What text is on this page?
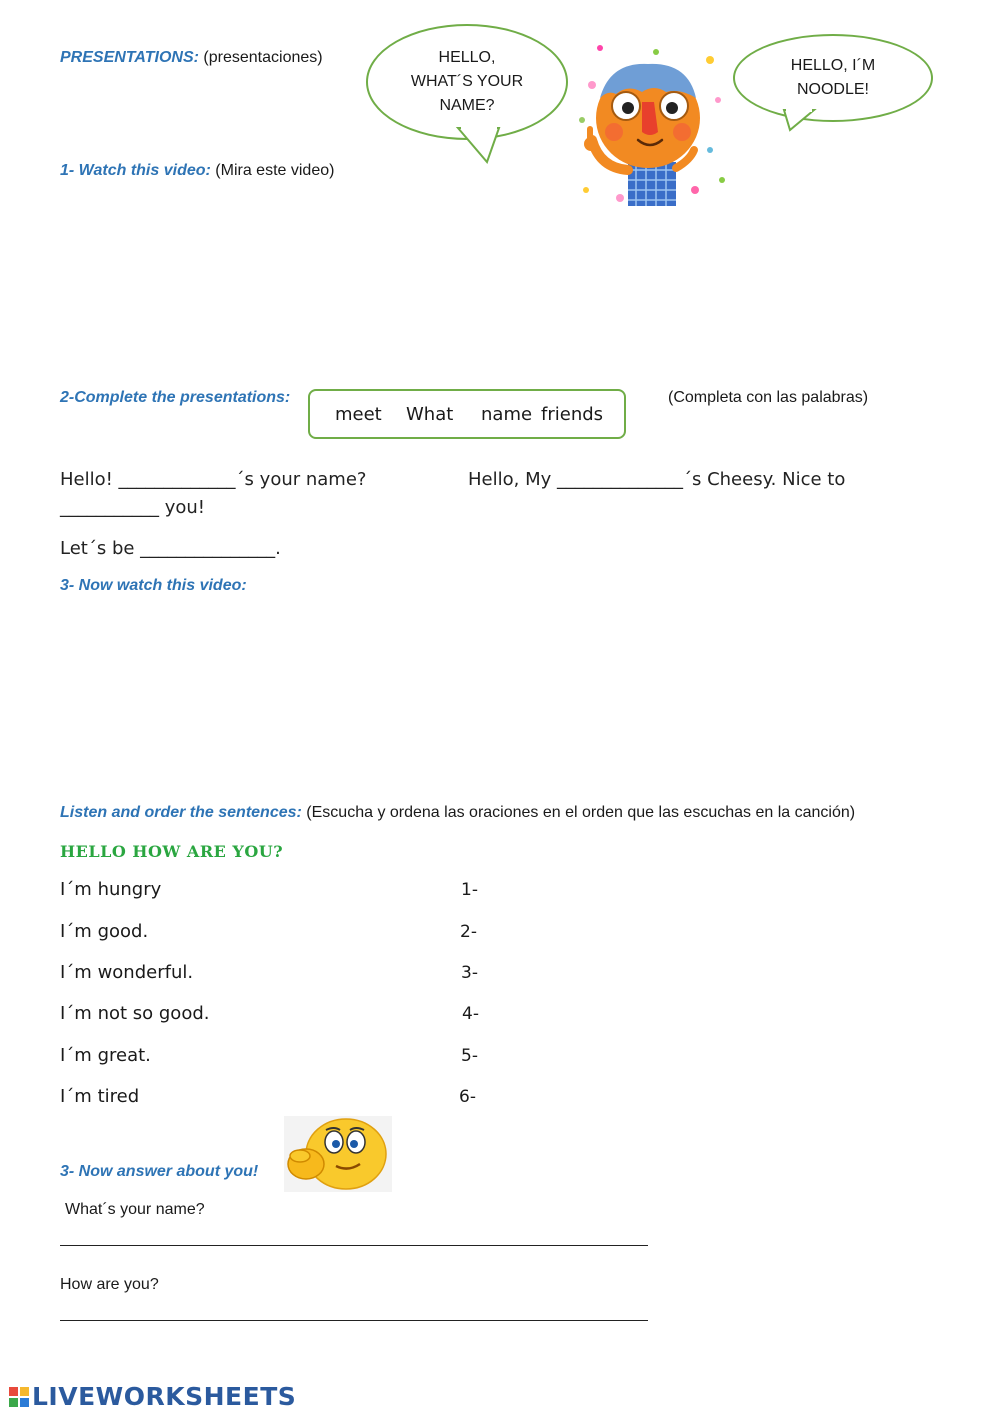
PRESENTATIONS: (presentaciones)	HELLO,
WHAT´S YOUR
NAME?
HELLO, I´M
NOODLE!
1- Watch this video: (Mira este video)
2-Complete the presentations:
meet What name friends
(Completa con las palabras)
Hello! _____________´s your name?	Hello, My ______________´s Cheesy. Nice to
___________ you!
Let´s be _______________.
3- Now watch this video:
Listen and order the sentences: (Escucha y ordena las oraciones en el orden que las escuchas en la canción)
HELLO HOW ARE YOU?
I´m hungry
I´m good.
I´m wonderful.
I´m not so good.
I´m great.
I´m tired
1-
2-
3-
4-
5-
6-
3- Now answer about you!
What´s your name?
How are you?
LIVEWORKSHEETS
